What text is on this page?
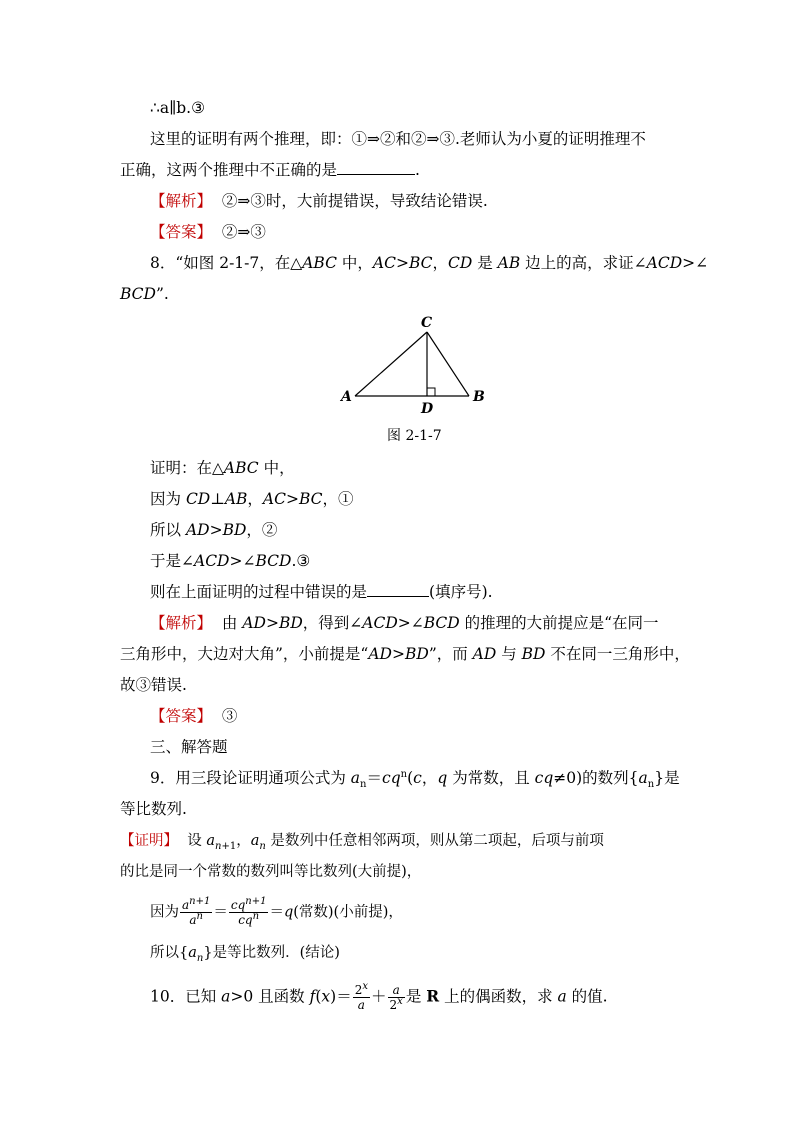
∴a∥b.③
这里的证明有两个推理，即：①⇒②和②⇒③.老师认为小夏的证明推理不
正确，这两个推理中不正确的是	.
【解析】 ②⇒③时，大前提错误，导致结论错误.
【答案】 ②⇒③
8．“如图 2-1-7，在△ABC 中，AC>BC，CD 是 AB 边上的高，求证∠ACD>∠
BCD”.
C
A
D
B
图 2-1-7
证明：在△ABC 中，
因为 CD⊥AB，AC>BC，①
所以 AD>BD，②
于是∠ACD>∠BCD.③
则在上面证明的过程中错误的是	(填序号).
【解析】 由 AD>BD，得到∠ACD>∠BCD 的推理的大前提应是“在同一
三角形中，大边对大角”，小前提是“AD>BD”，而 AD 与 BD 不在同一三角形中，
故③错误.
【答案】 ③
三、解答题
9．用三段论证明通项公式为 $a_n=cq^n(c$，q 为常数，且 cq≠0)的数列$\{a_n\}$是
等比数列.
【证明】 设 $a_{n+1}$，$a_n$ 是数列中任意相邻两项，则从第二项起，后项与前项
的比是同一个常数的数列叫等比数列(大前提)，
因为 $\frac{a^{n+1}}{a^n} = \frac{cq^{n+1}}{cq^n} =q$(常数)(小前提)，
所以$\{a_n\}$是等比数列．(结论)
10．已知 a>0 且函数 $f(x)= \frac{2^x}{a} + \frac{a}{2^x}$ 是 R 上的偶函数，求 a 的值.
